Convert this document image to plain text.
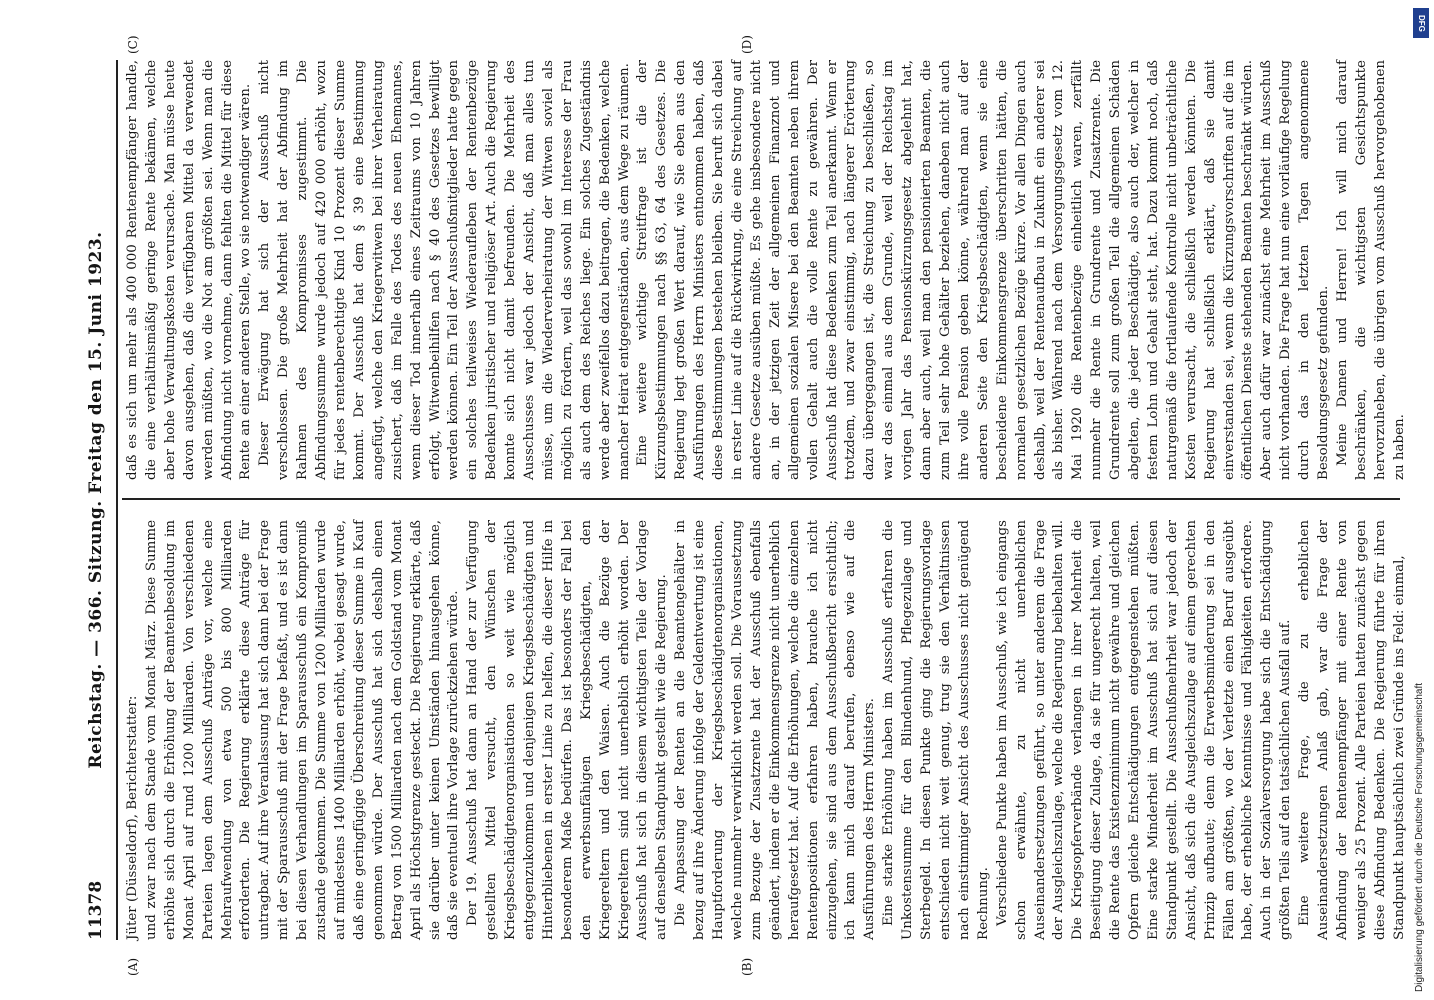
11378
Reichstag. — 366. Sitzung. Freitag den 15. Juni 1923.
(A)	(B)
(C)	(D)

Jüter (Düsseldorf), Berichterstatter: und zwar nach dem Stande vom Monat März. Diese Summe erhöhte sich durch die Erhöhung der Beamtenbesoldung im Monat April auf rund 1200 Milliarden. Von verschiedenen Parteien lagen dem Ausschuß Anträge vor, welche eine Mehraufwendung von etwa 500 bis 800 Milliarden erforderten. Die Regierung erklärte diese Anträge für untragbar. Auf ihre Veranlassung hat sich dann bei der Frage mit der Sparausschuß mit der Frage befaßt, und es ist dann bei diesen Verhandlungen im Sparausschuß ein Kompromiß zustande gekommen. Die Summe von 1200 Milliarden wurde auf mindestens 1400 Milliarden erhöht, wobei gesagt wurde, daß eine geringfügige Überschreitung dieser Summe in Kauf genommen würde. Der Ausschuß hat sich deshalb einen Betrag von 1500 Milliarden nach dem Goldstand vom Monat April als Höchstgrenze gesteckt. Die Regierung erklärte, daß sie darüber unter keinen Umständen hinausgehen könne, daß sie eventuell ihre Vorlage zurückziehen würde. Der 19. Ausschuß hat dann an Hand der zur Verfügung gestellten Mittel versucht, den Wünschen der Kriegsbeschädigtenorganisationen so weit wie möglich entgegenzukommen und denjenigen Kriegsbeschädigten und Hinterbliebenen in erster Linie zu helfen, die dieser Hilfe in besonderem Maße bedürfen. Das ist besonders der Fall bei den erwerbsunfähigen Kriegsbeschädigten, den Kriegereltern und den Waisen. Auch die Bezüge der Kriegereltern sind nicht unerheblich erhöht worden. Der Ausschuß hat sich in diesem wichtigsten Teile der Vorlage auf denselben Standpunkt gestellt wie die Regierung. Die Anpassung der Renten an die Beamtengehälter in bezug auf ihre Änderung infolge der Geldentwertung ist eine Hauptforderung der Kriegsbeschädigtenorganisationen, welche nunmehr verwirklicht werden soll. Die Voraussetzung zum Bezuge der Zusatzrente hat der Ausschuß ebenfalls geändert, indem er die Einkommensgrenze nicht unerheblich heraufgesetzt hat. Auf die Erhöhungen, welche die einzelnen Rentenpositionen erfahren haben, brauche ich nicht einzugehen, sie sind aus dem Ausschußbericht ersichtlich; ich kann mich darauf berufen, ebenso wie auf die Ausführungen des Herrn Ministers. Eine starke Erhöhung haben im Ausschuß erfahren die Unkostensumme für den Blindenhund, Pflegezulage und Sterbegeld. In diesen Punkte ging die Regierungsvorlage entschieden nicht weit genug, trug sie den Verhältnissen nach einstimmiger Ansicht des Ausschusses nicht genügend Rechnung. Verschiedene Punkte haben im Ausschuß, wie ich eingangs schon erwähnte, zu nicht unerheblichen Auseinandersetzungen geführt, so unter anderem die Frage der Ausgleichszulage, welche die Regierung beibehalten will. Die Kriegsopferverbände verlangen in ihrer Mehrheit die Beseitigung dieser Zulage, da sie für ungerecht halten, weil die Rente das Existenzminimum nicht gewähre und gleichen Opfern gleiche Entschädigungen entgegenstehen müßten. Eine starke Minderheit im Ausschuß hat sich auf diesen Standpunkt gestellt. Die Ausschußmehrheit war jedoch der Ansicht, daß sich die Ausgleichszulage auf einem gerechten Prinzip aufbaute; denn die Erwerbsminderung sei in den Fällen am größten, wo der Verletzte einen Beruf ausgeübt habe, der erhebliche Kenntnisse und Fähigkeiten erfordere. Auch in der Sozialversorgung habe sich die Entschädigung größten Teils auf den tatsächlichen Ausfall auf. Eine weitere Frage, die zu erheblichen Auseinandersetzungen Anlaß gab, war die Frage der Abfindung der Rentenempfänger mit einer Rente von weniger als 25 Prozent. Alle Parteien hatten zunächst gegen diese Abfindung Bedenken. Die Regierung führte für ihren Standpunkt hauptsächlich zwei Gründe ins Feld: einmal,

daß es sich um mehr als 400 000 Rentenempfänger handle, die eine verhältnismäßig geringe Rente bekämen, welche aber hohe Verwaltungskosten verursache. Man müsse heute davon ausgehen, daß die verfügbaren Mittel da verwendet werden müßten, wo die Not am größten sei. Wenn man die Abfindung nicht vornehme, dann fehlten die Mittel für diese Rente an einer anderen Stelle, wo sie notwendiger wären. Dieser Erwägung hat sich der Ausschuß nicht verschlossen. Die große Mehrheit hat der Abfindung im Rahmen des Kompromisses zugestimmt. Die Abfindungssumme wurde jedoch auf 420 000 erhöht, wozu für jedes rentenberechtigte Kind 10 Prozent dieser Summe kommt. Der Ausschuß hat dem § 39 eine Bestimmung angefügt, welche den Kriegerwitwen bei ihrer Verheiratung zusichert, daß im Falle des Todes des neuen Ehemannes, wenn dieser Tod innerhalb eines Zeitraums von 10 Jahren erfolgt, Witwenbeihilfen nach § 40 des Gesetzes bewilligt werden können. Ein Teil der Ausschußmitglieder hatte gegen ein solches teilweises Wiederaufleben der Rentenbezüge Bedenken juristischer und religiöser Art. Auch die Regierung konnte sich nicht damit befreunden. Die Mehrheit des Ausschusses war jedoch der Ansicht, daß man alles tun müsse, um die Wiederverheiratung der Witwen soviel als möglich zu fördern, weil das sowohl im Interesse der Frau als auch dem des Reiches liege. Ein solches Zugeständnis werde aber zweifellos dazu beitragen, die Bedenken, welche mancher Heirat entgegenständen, aus dem Wege zu räumen. Eine weitere wichtige Streitfrage ist die der Kürzungsbestimmungen nach §§ 63, 64 des Gesetzes. Die Regierung legt großen Wert darauf, wie Sie eben aus den Ausführungen des Herrn Ministers entnommen haben, daß diese Bestimmungen bestehen bleiben. Sie beruft sich dabei in erster Linie auf die Rückwirkung, die eine Streichung auf andere Gesetze ausüben müßte. Es gehe insbesondere nicht an, in der jetzigen Zeit der allgemeinen Finanznot und allgemeinen sozialen Misere bei den Beamten neben ihrem vollen Gehalt auch die volle Rente zu gewähren. Der Ausschuß hat diese Bedenken zum Teil anerkannt. Wenn er trotzdem, und zwar einstimmig, nach längerer Erörterung dazu übergegangen ist, die Streichung zu beschließen, so war das einmal aus dem Grunde, weil der Reichstag im vorigen Jahr das Pensionskürzungsgesetz abgelehnt hat, dann aber auch, weil man den pensionierten Beamten, die zum Teil sehr hohe Gehälter beziehen, daneben nicht auch ihre volle Pension geben könne, während man auf der anderen Seite den Kriegsbeschädigten, wenn sie eine bescheidene Einkommensgrenze überschritten hätten, die normalen gesetzlichen Bezüge kürze. Vor allen Dingen auch deshalb, weil der Rentenaufbau in Zukunft ein anderer sei als bisher. Während nach dem Versorgungsgesetz vom 12. Mai 1920 die Rentenbezüge einheitlich waren, zerfällt nunmehr die Rente in Grundrente und Zusatzrente. Die Grundrente soll zum großen Teil die allgemeinen Schäden abgelten, die jeder Beschädigte, also auch der, welcher in festem Lohn und Gehalt steht, hat. Dazu kommt noch, daß naturgemäß die fortlaufende Kontrolle nicht unbeträchtliche Kosten verursacht, die schließlich werden könnten. Die Regierung hat schließlich erklärt, daß sie damit einverstanden sei, wenn die Kürzungsvorschriften auf die im öffentlichen Dienste stehenden Beamten beschränkt würden. Aber auch dafür war zunächst eine Mehrheit im Ausschuß nicht vorhanden. Die Frage hat nun eine vorläufige Regelung durch das in den letzten Tagen angenommene Besoldungsgesetz gefunden. Meine Damen und Herren! Ich will mich darauf beschränken, die wichtigsten Gesichtspunkte hervorzuheben, die übrigen vom Ausschuß hervorgehobenen zu haben.

DFG
Digitalisierung gefördert durch die Deutsche Forschungsgemeinschaft
